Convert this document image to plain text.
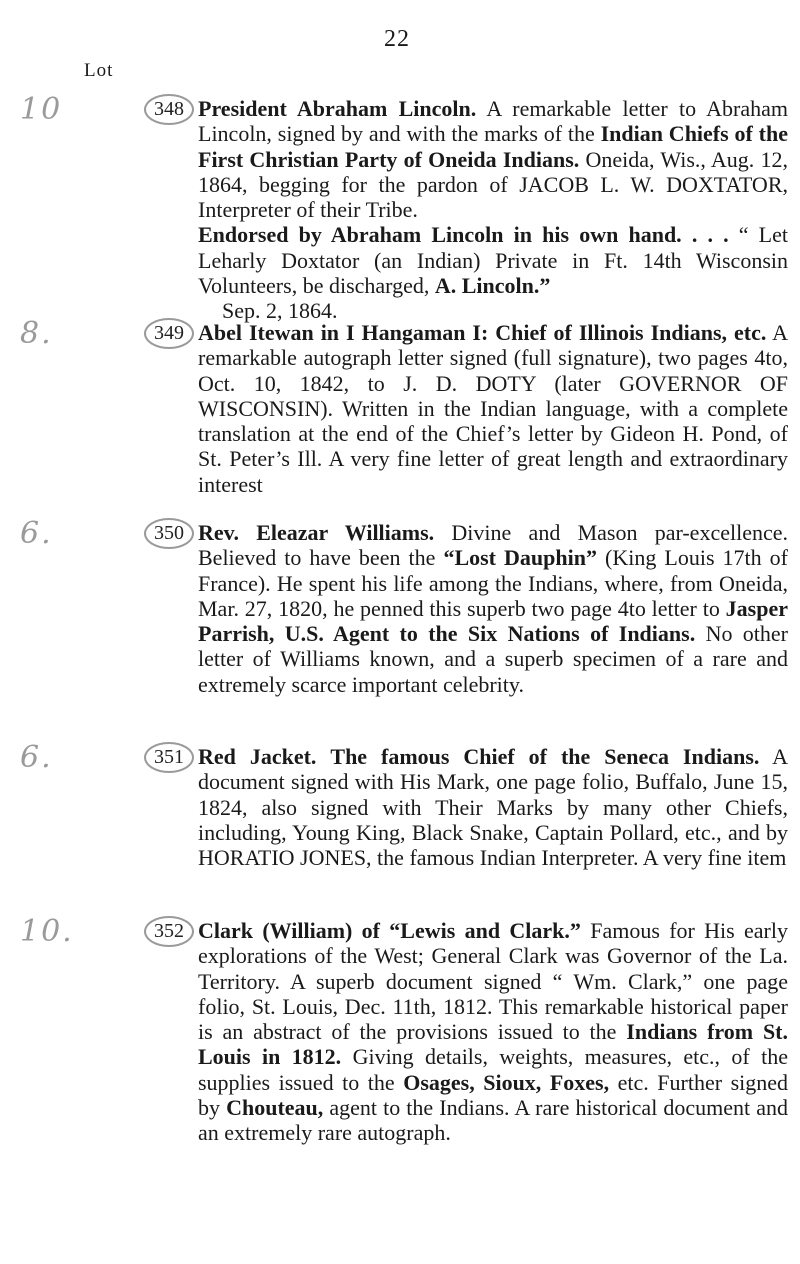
22
Lot
10	348 President Abraham Lincoln. A remarkable letter to Abraham Lincoln, signed by and with the marks of the Indian Chiefs of the First Christian Party of Oneida Indians. Oneida, Wis., Aug. 12, 1864, begging for the pardon of JACOB L. W. DOXTATOR, Interpreter of their Tribe.
Endorsed by Abraham Lincoln in his own hand. . . . “ Let Leharly Doxtator (an Indian) Private in Ft. 14th Wisconsin Volunteers, be discharged, A. Lincoln.”
Sep. 2, 1864.

8.	349 Abel Itewan in I Hangaman I: Chief of Illinois Indians, etc. A remarkable autograph letter signed (full signature), two pages 4to, Oct. 10, 1842, to J. D. DOTY (later GOVERNOR OF WISCONSIN). Written in the Indian language, with a complete translation at the end of the Chief’s letter by Gideon H. Pond, of St. Peter’s Ill. A very fine letter of great length and extraordinary interest

6.	350 Rev. Eleazar Williams. Divine and Mason par-excellence. Believed to have been the “Lost Dauphin” (King Louis 17th of France). He spent his life among the Indians, where, from Oneida, Mar. 27, 1820, he penned this superb two page 4to letter to Jasper Parrish, U.S. Agent to the Six Nations of Indians. No other letter of Williams known, and a superb specimen of a rare and extremely scarce important celebrity.

6.	351 Red Jacket. The famous Chief of the Seneca Indians. A document signed with His Mark, one page folio, Buffalo, June 15, 1824, also signed with Their Marks by many other Chiefs, including, Young King, Black Snake, Captain Pollard, etc., and by HORATIO JONES, the famous Indian Interpreter. A very fine item

10.	352 Clark (William) of “Lewis and Clark.” Famous for His early explorations of the West; General Clark was Governor of the La. Territory. A superb document signed “ Wm. Clark,” one page folio, St. Louis, Dec. 11th, 1812. This remarkable historical paper is an abstract of the provisions issued to the Indians from St. Louis in 1812. Giving details, weights, measures, etc., of the supplies issued to the Osages, Sioux, Foxes, etc. Further signed by Chouteau, agent to the Indians. A rare historical document and an extremely rare autograph.
